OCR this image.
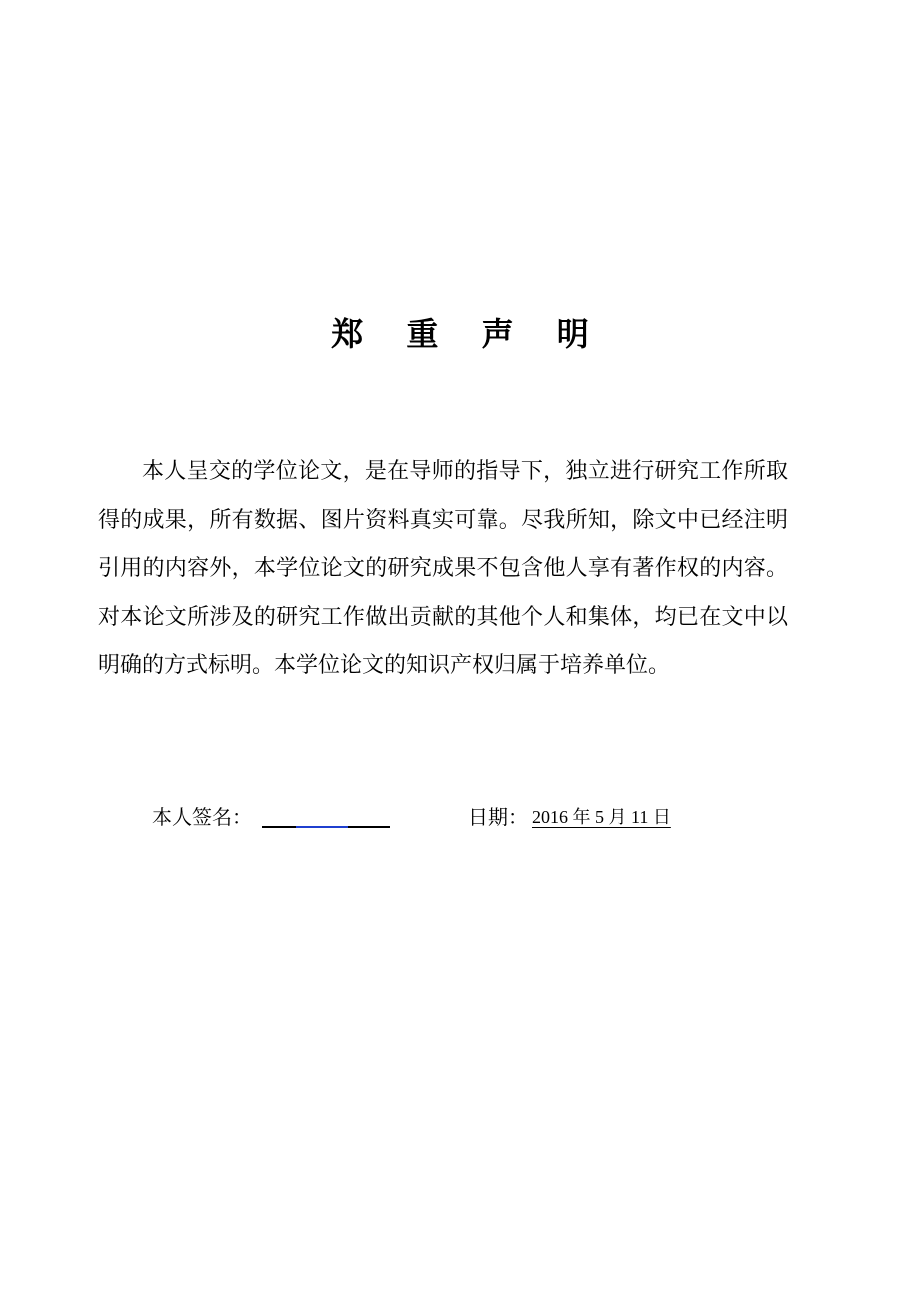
郑 重 声 明

本人呈交的学位论文，是在导师的指导下，独立进行研究工作所取得的成果，所有数据、图片资料真实可靠。尽我所知，除文中已经注明引用的内容外，本学位论文的研究成果不包含他人享有著作权的内容。对本论文所涉及的研究工作做出贡献的其他个人和集体，均已在文中以明确的方式标明。本学位论文的知识产权归属于培养单位。

本人签名：	日期： 2016 年 5 月 11 日
